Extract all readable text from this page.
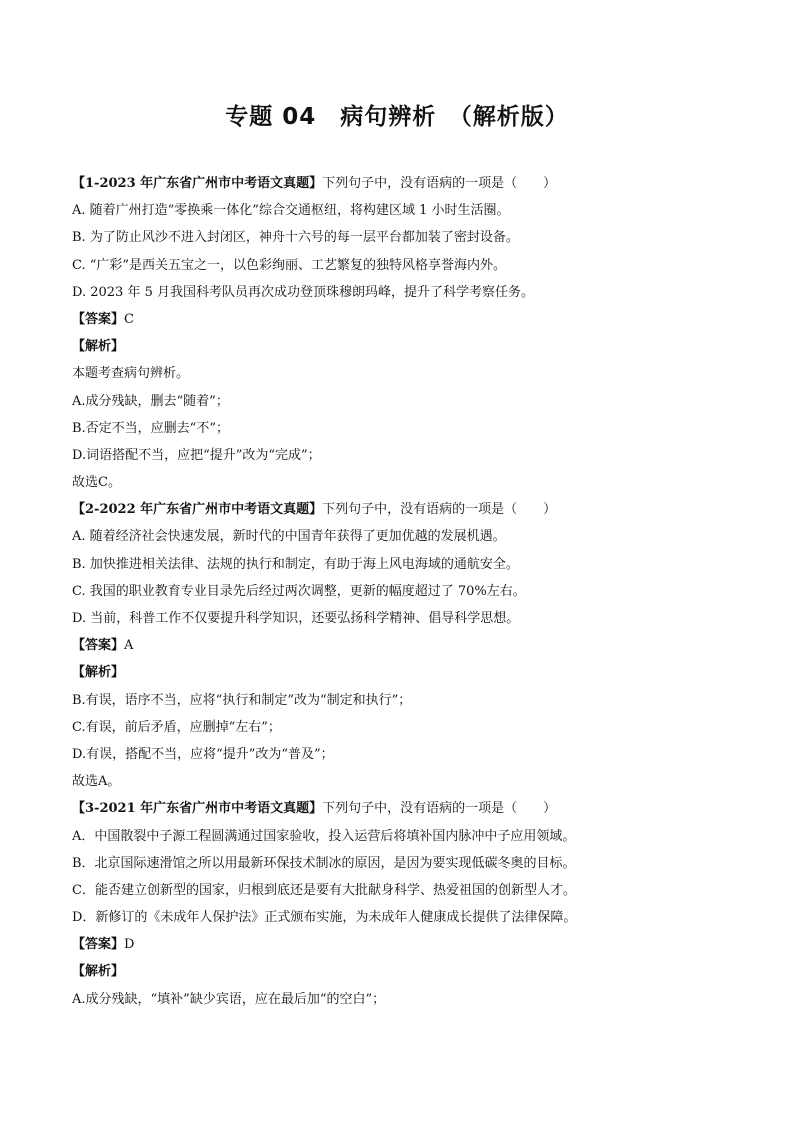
专题 04　病句辨析　（解析版）
【1-2023 年广东省广州市中考语文真题】下列句子中，没有语病的一项是（　　）
A. 随着广州打造“零换乘一体化”综合交通枢纽，将构建区域 1 小时生活圈。
B. 为了防止风沙不进入封闭区，神舟十六号的每一层平台都加装了密封设备。
C. “广彩”是西关五宝之一，以色彩绚丽、工艺繁复的独特风格享誉海内外。
D. 2023 年 5 月我国科考队员再次成功登顶珠穆朗玛峰，提升了科学考察任务。
【答案】C
【解析】
本题考查病句辨析。
A.成分残缺，删去“随着”；
B.否定不当，应删去“不”；
D.词语搭配不当，应把“提升”改为“完成”；
故选C。
【2-2022 年广东省广州市中考语文真题】下列句子中，没有语病的一项是（　　）
A. 随着经济社会快速发展，新时代的中国青年获得了更加优越的发展机遇。
B. 加快推进相关法律、法规的执行和制定，有助于海上风电海域的通航安全。
C. 我国的职业教育专业目录先后经过两次调整，更新的幅度超过了 70%左右。
D. 当前，科普工作不仅要提升科学知识，还要弘扬科学精神、倡导科学思想。
【答案】A
【解析】
B.有误，语序不当，应将“执行和制定”改为“制定和执行”；
C.有误，前后矛盾，应删掉“左右”；
D.有误，搭配不当，应将“提升”改为“普及”；
故选A。
【3-2021 年广东省广州市中考语文真题】下列句子中，没有语病的一项是（　　）
A．中国散裂中子源工程圆满通过国家验收，投入运营后将填补国内脉冲中子应用领域。
B．北京国际速滑馆之所以用最新环保技术制冰的原因，是因为要实现低碳冬奥的目标。
C．能否建立创新型的国家，归根到底还是要有大批献身科学、热爱祖国的创新型人才。
D．新修订的《未成年人保护法》正式颁布实施，为未成年人健康成长提供了法律保障。
【答案】D
【解析】
A.成分残缺，“填补”缺少宾语，应在最后加“的空白”；
